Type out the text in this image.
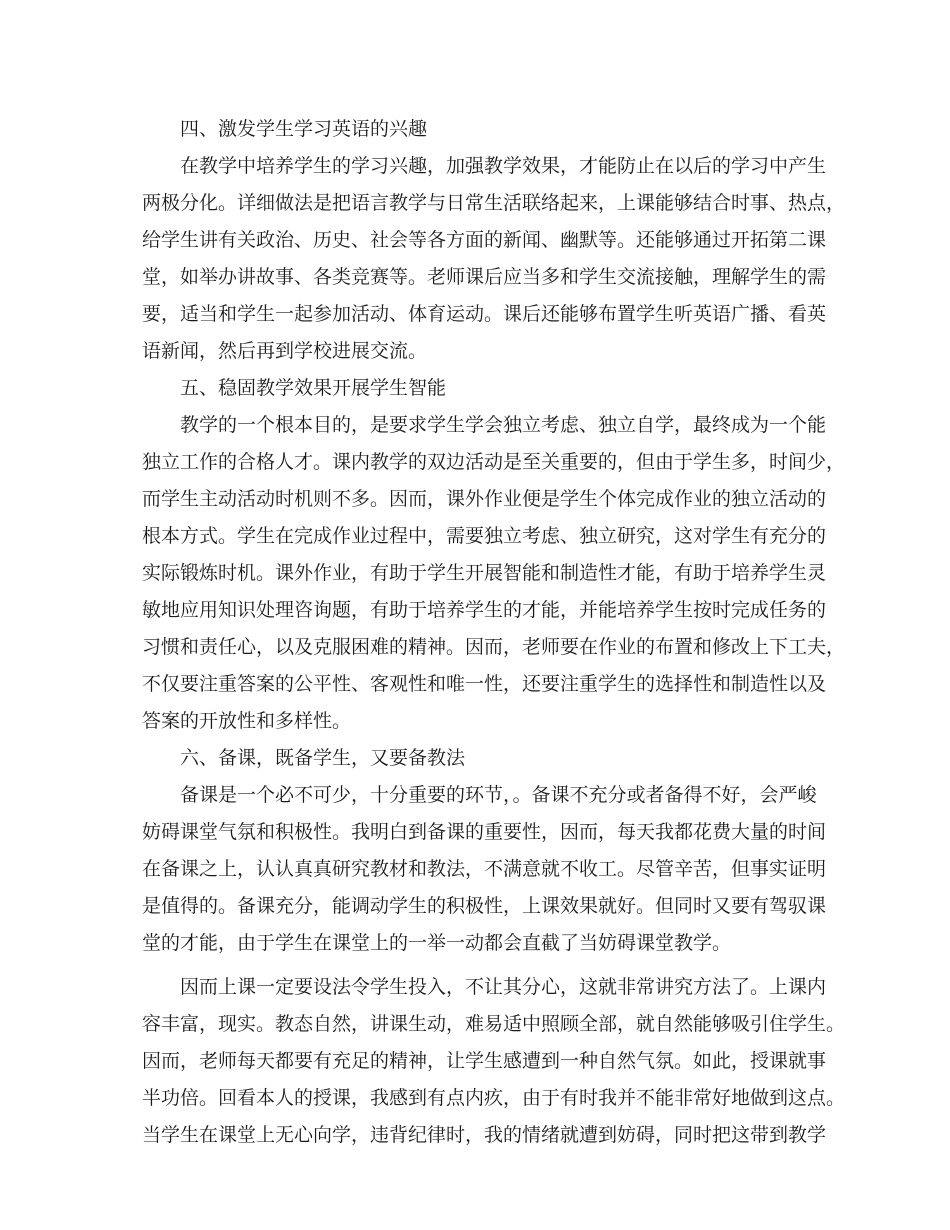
四、激发学生学习英语的兴趣
在教学中培养学生的学习兴趣，加强教学效果，才能防止在以后的学习中产生
两极分化。详细做法是把语言教学与日常生活联络起来，上课能够结合时事、热点，
给学生讲有关政治、历史、社会等各方面的新闻、幽默等。还能够通过开拓第二课
堂，如举办讲故事、各类竞赛等。老师课后应当多和学生交流接触，理解学生的需
要，适当和学生一起参加活动、体育运动。课后还能够布置学生听英语广播、看英
语新闻，然后再到学校进展交流。
五、稳固教学效果开展学生智能
教学的一个根本目的，是要求学生学会独立考虑、独立自学，最终成为一个能
独立工作的合格人才。课内教学的双边活动是至关重要的，但由于学生多，时间少，
而学生主动活动时机则不多。因而，课外作业便是学生个体完成作业的独立活动的
根本方式。学生在完成作业过程中，需要独立考虑、独立研究，这对学生有充分的
实际锻炼时机。课外作业，有助于学生开展智能和制造性才能，有助于培养学生灵
敏地应用知识处理咨询题，有助于培养学生的才能，并能培养学生按时完成任务的
习惯和责任心，以及克服困难的精神。因而，老师要在作业的布置和修改上下工夫，
不仅要注重答案的公平性、客观性和唯一性，还要注重学生的选择性和制造性以及
答案的开放性和多样性。
六、备课，既备学生，又要备教法
备课是一个必不可少，十分重要的环节，。备课不充分或者备得不好，会严峻
妨碍课堂气氛和积极性。我明白到备课的重要性，因而，每天我都花费大量的时间
在备课之上，认认真真研究教材和教法，不满意就不收工。尽管辛苦，但事实证明
是值得的。备课充分，能调动学生的积极性，上课效果就好。但同时又要有驾驭课
堂的才能，由于学生在课堂上的一举一动都会直截了当妨碍课堂教学。
因而上课一定要设法令学生投入，不让其分心，这就非常讲究方法了。上课内
容丰富，现实。教态自然，讲课生动，难易适中照顾全部，就自然能够吸引住学生。
因而，老师每天都要有充足的精神，让学生感遭到一种自然气氛。如此，授课就事
半功倍。回看本人的授课，我感到有点内疚，由于有时我并不能非常好地做到这点。
当学生在课堂上无心向学，违背纪律时，我的情绪就遭到妨碍，同时把这带到教学
